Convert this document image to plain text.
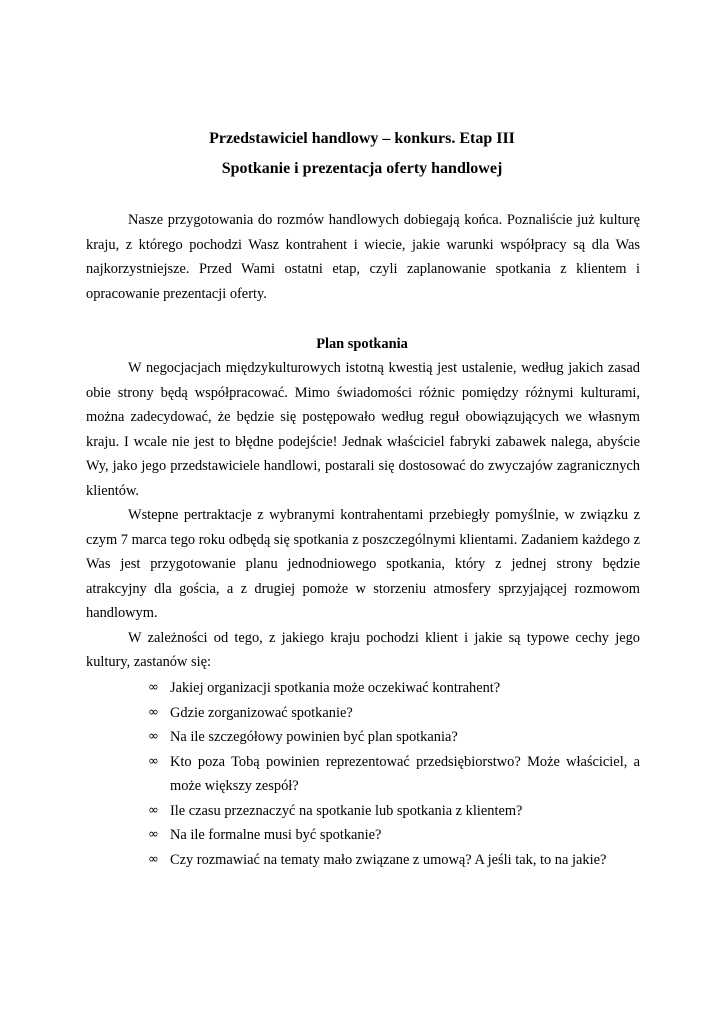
Przedstawiciel handlowy – konkurs. Etap III
Spotkanie i prezentacja oferty handlowej

Nasze przygotowania do rozmów handlowych dobiegają końca. Poznaliście już kulturę kraju, z którego pochodzi Wasz kontrahent i wiecie, jakie warunki współpracy są dla Was najkorzystniejsze. Przed Wami ostatni etap, czyli zaplanowanie spotkania z klientem i opracowanie prezentacji oferty.

Plan spotkania

W negocjacjach międzykulturowych istotną kwestią jest ustalenie, według jakich zasad obie strony będą współpracować. Mimo świadomości różnic pomiędzy różnymi kulturami, można zadecydować, że będzie się postępowało według reguł obowiązujących we własnym kraju. I wcale nie jest to błędne podejście! Jednak właściciel fabryki zabawek nalega, abyście Wy, jako jego przedstawiciele handlowi, postarali się dostosować do zwyczajów zagranicznych klientów.

Wstepne pertraktacje z wybranymi kontrahentami przebiegły pomyślnie, w związku z czym 7 marca tego roku odbędą się spotkania z poszczególnymi klientami. Zadaniem każdego z Was jest przygotowanie planu jednodniowego spotkania, który z jednej strony będzie atrakcyjny dla gościa, a z drugiej pomoże w storzeniu atmosfery sprzyjającej rozmowom handlowym.

W zależności od tego, z jakiego kraju pochodzi klient i jakie są typowe cechy jego kultury, zastanów się:

∞ Jakiej organizacji spotkania może oczekiwać kontrahent?
∞ Gdzie zorganizować spotkanie?
∞ Na ile szczegółowy powinien być plan spotkania?
∞ Kto poza Tobą powinien reprezentować przedsiębiorstwo? Może właściciel, a może większy zespół?
∞ Ile czasu przeznaczyć na spotkanie lub spotkania z klientem?
∞ Na ile formalne musi być spotkanie?
∞ Czy rozmawiać na tematy mało związane z umową? A jeśli tak, to na jakie?
